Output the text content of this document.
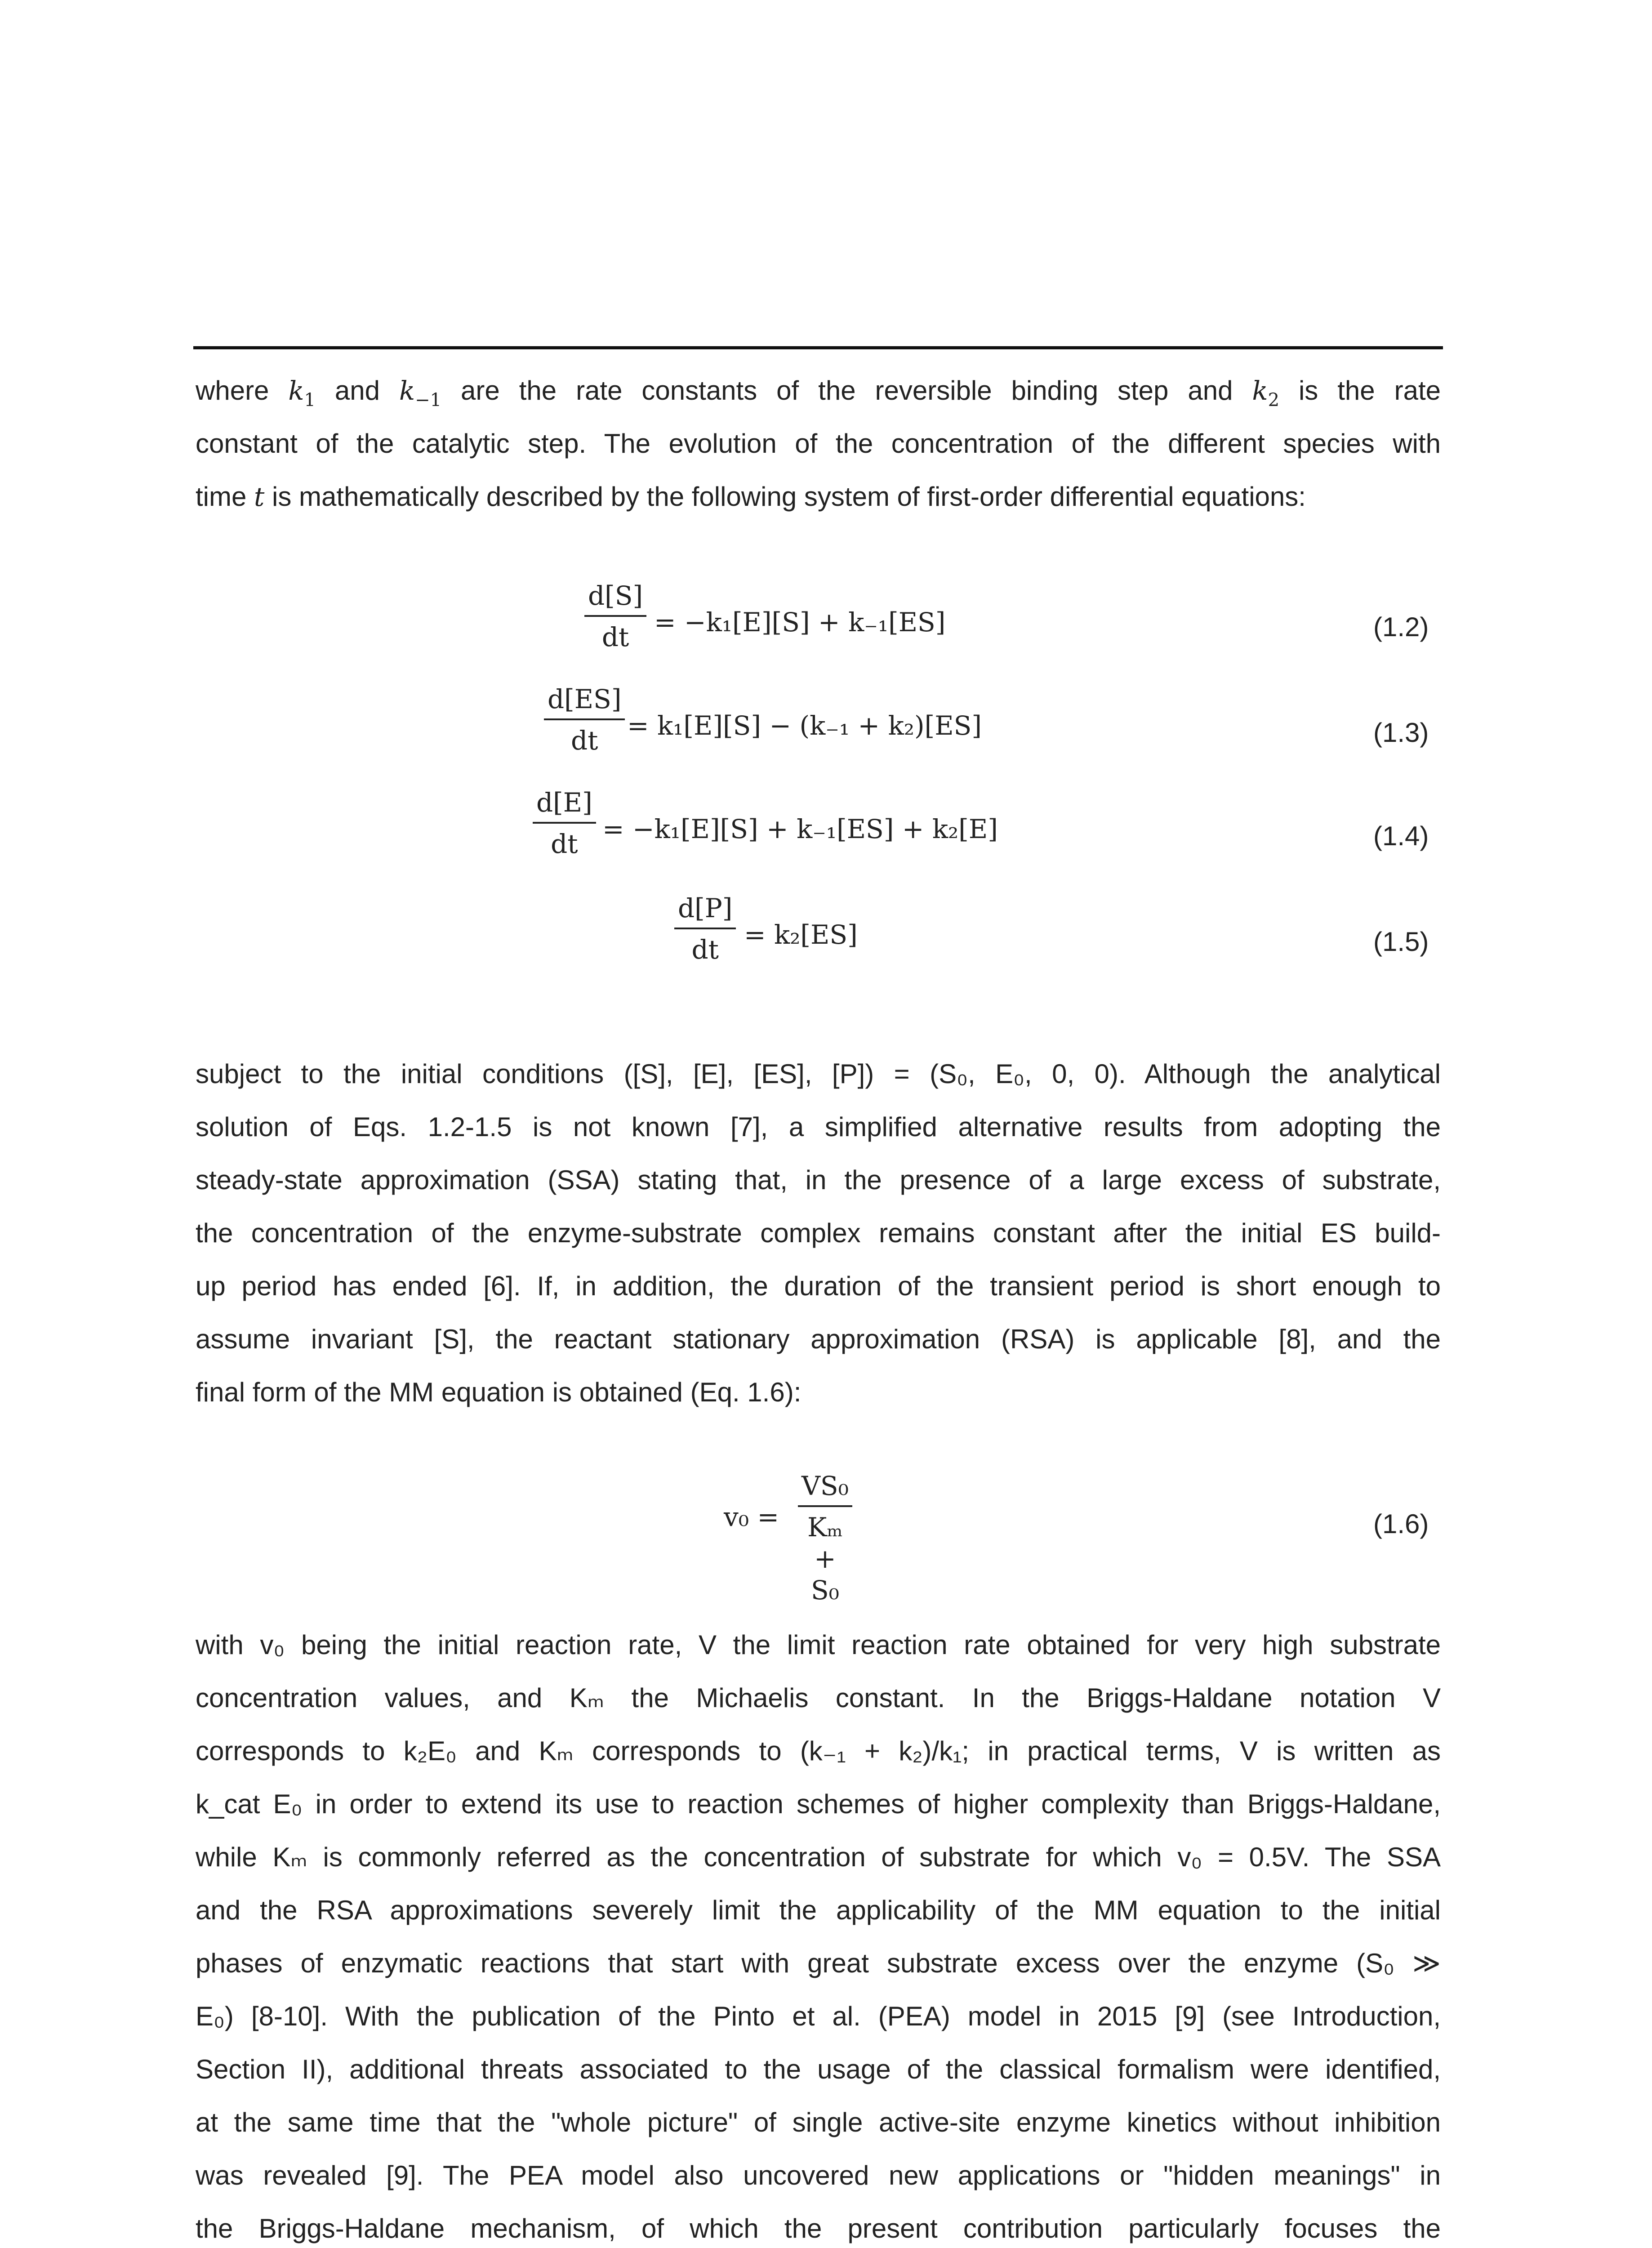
where $k_1$ and $k_{-1}$ are the rate constants of the reversible binding step and $k_2$ is the rate
constant of the catalytic step. The evolution of the concentration of the different species with
time t is mathematically described by the following system of first-order differential equations:
$\frac{d[S]}{dt} = -k_1[E][S] + k_{-1}[ES]$	(1.2)
$\frac{d[ES]}{dt} = k_1[E][S] - (k_{-1} + k_2)[ES]$	(1.3)
$\frac{d[E]}{dt} = -k_1[E][S] + k_{-1}[ES] + k_2[E]$	(1.4)
$\frac{d[P]}{dt} = k_2[ES]$	(1.5)
subject to the initial conditions ([S], [E], [ES], [P]) = (S₀, E₀, 0, 0). Although the analytical
solution of Eqs. 1.2-1.5 is not known [7], a simplified alternative results from adopting the
steady-state approximation (SSA) stating that, in the presence of a large excess of substrate,
the concentration of the enzyme-substrate complex remains constant after the initial ES build-
up period has ended [6]. If, in addition, the duration of the transient period is short enough to
assume invariant [S], the reactant stationary approximation (RSA) is applicable [8], and the
final form of the MM equation is obtained (Eq. 1.6):
$v_0 = \frac{\text{VS₀}}{\text{Kₘ + S₀}}$	(1.6)
with v₀ being the initial reaction rate, V the limit reaction rate obtained for very high substrate
concentration values, and Kₘ the Michaelis constant. In the Briggs-Haldane notation V
corresponds to k₂E₀ and Kₘ corresponds to (k₋₁ + k₂)/k₁; in practical terms, V is written as
k_cat E₀ in order to extend its use to reaction schemes of higher complexity than Briggs-Haldane,
while Kₘ is commonly referred as the concentration of substrate for which v₀ = 0.5V. The SSA
and the RSA approximations severely limit the applicability of the MM equation to the initial
phases of enzymatic reactions that start with great substrate excess over the enzyme (S₀ ≫
E₀) [8-10]. With the publication of the Pinto et al. (PEA) model in 2015 [9] (see Introduction,
Section II), additional threats associated to the usage of the classical formalism were identified,
at the same time that the "whole picture" of single active-site enzyme kinetics without inhibition
was revealed [9]. The PEA model also uncovered new applications or "hidden meanings" in
the Briggs-Haldane mechanism, of which the present contribution particularly focuses the
